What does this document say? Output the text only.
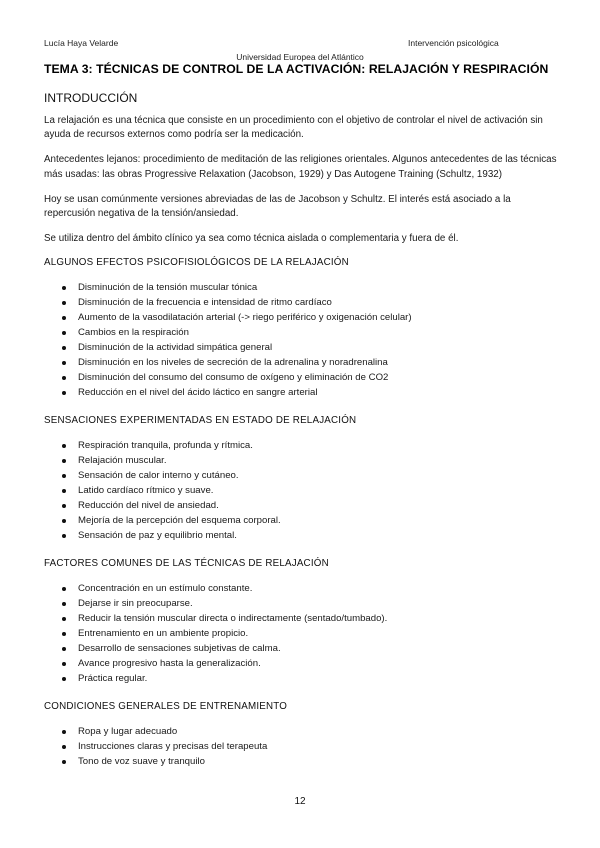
Lucía Haya Velarde	Intervención psicológica
Universidad Europea del Atlántico
TEMA 3: TÉCNICAS DE CONTROL DE LA ACTIVACIÓN: RELAJACIÓN Y RESPIRACIÓN
INTRODUCCIÓN

La relajación es una técnica que consiste en un procedimiento con el objetivo de controlar el nivel de activación sin ayuda de recursos externos como podría ser la medicación.

Antecedentes lejanos: procedimiento de meditación de las religiones orientales. Algunos antecedentes de las técnicas más usadas: las obras Progressive Relaxation (Jacobson, 1929) y Das Autogene Training (Schultz, 1932)

Hoy se usan comúnmente versiones abreviadas de las de Jacobson y Schultz. El interés está asociado a la repercusión negativa de la tensión/ansiedad.

Se utiliza dentro del ámbito clínico ya sea como técnica aislada o complementaria y fuera de él.

ALGUNOS EFECTOS PSICOFISIOLÓGICOS DE LA RELAJACIÓN
Disminución de la tensión muscular tónica
Disminución de la frecuencia e intensidad de ritmo cardíaco
Aumento de la vasodilatación arterial (-> riego periférico y oxigenación celular)
Cambios en la respiración
Disminución de la actividad simpática general
Disminución en los niveles de secreción de la adrenalina y noradrenalina
Disminución del consumo del consumo de oxígeno y eliminación de CO2
Reducción en el nivel del ácido láctico en sangre arterial
SENSACIONES EXPERIMENTADAS EN ESTADO DE RELAJACIÓN
Respiración tranquila, profunda y rítmica.
Relajación muscular.
Sensación de calor interno y cutáneo.
Latido cardíaco rítmico y suave.
Reducción del nivel de ansiedad.
Mejoría de la percepción del esquema corporal.
Sensación de paz y equilibrio mental.
FACTORES COMUNES DE LAS TÉCNICAS DE RELAJACIÓN
Concentración en un estímulo constante.
Dejarse ir sin preocuparse.
Reducir la tensión muscular directa o indirectamente (sentado/tumbado).
Entrenamiento en un ambiente propicio.
Desarrollo de sensaciones subjetivas de calma.
Avance progresivo hasta la generalización.
Práctica regular.
CONDICIONES GENERALES DE ENTRENAMIENTO
Ropa y lugar adecuado
Instrucciones claras y precisas del terapeuta
Tono de voz suave y tranquilo
12
